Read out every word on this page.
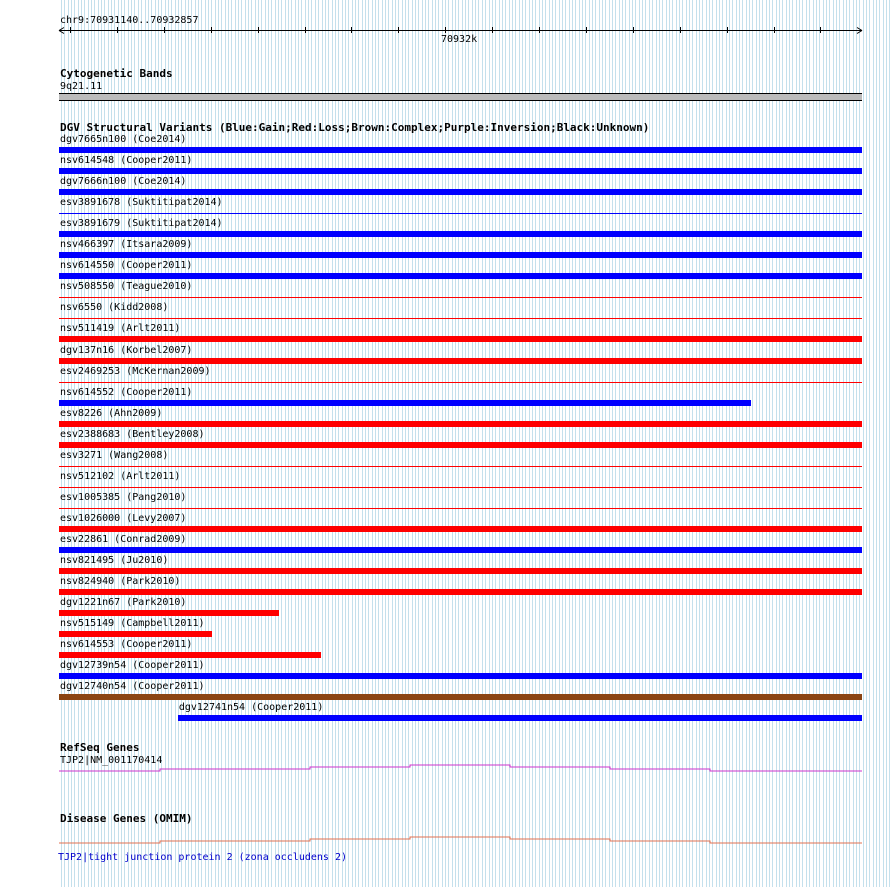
chr9:70931140..70932857
70932k
Cytogenetic Bands
9q21.11
DGV Structural Variants (Blue:Gain;Red:Loss;Brown:Complex;Purple:Inversion;Black:Unknown)
dgv7665n100 (Coe2014)
nsv614548 (Cooper2011)
dgv7666n100 (Coe2014)
esv3891678 (Suktitipat2014)
esv3891679 (Suktitipat2014)
nsv466397 (Itsara2009)
nsv614550 (Cooper2011)
nsv508550 (Teague2010)
nsv6550 (Kidd2008)
nsv511419 (Arlt2011)
dgv137n16 (Korbel2007)
esv2469253 (McKernan2009)
nsv614552 (Cooper2011)
esv8226 (Ahn2009)
esv2388683 (Bentley2008)
esv3271 (Wang2008)
nsv512102 (Arlt2011)
esv1005385 (Pang2010)
esv1026000 (Levy2007)
esv22861 (Conrad2009)
nsv821495 (Ju2010)
nsv824940 (Park2010)
dgv1221n67 (Park2010)
nsv515149 (Campbell2011)
nsv614553 (Cooper2011)
dgv12739n54 (Cooper2011)
dgv12740n54 (Cooper2011)
dgv12741n54 (Cooper2011)
RefSeq Genes
TJP2|NM_001170414
Disease Genes (OMIM)
TJP2|tight junction protein 2 (zona occludens 2)
